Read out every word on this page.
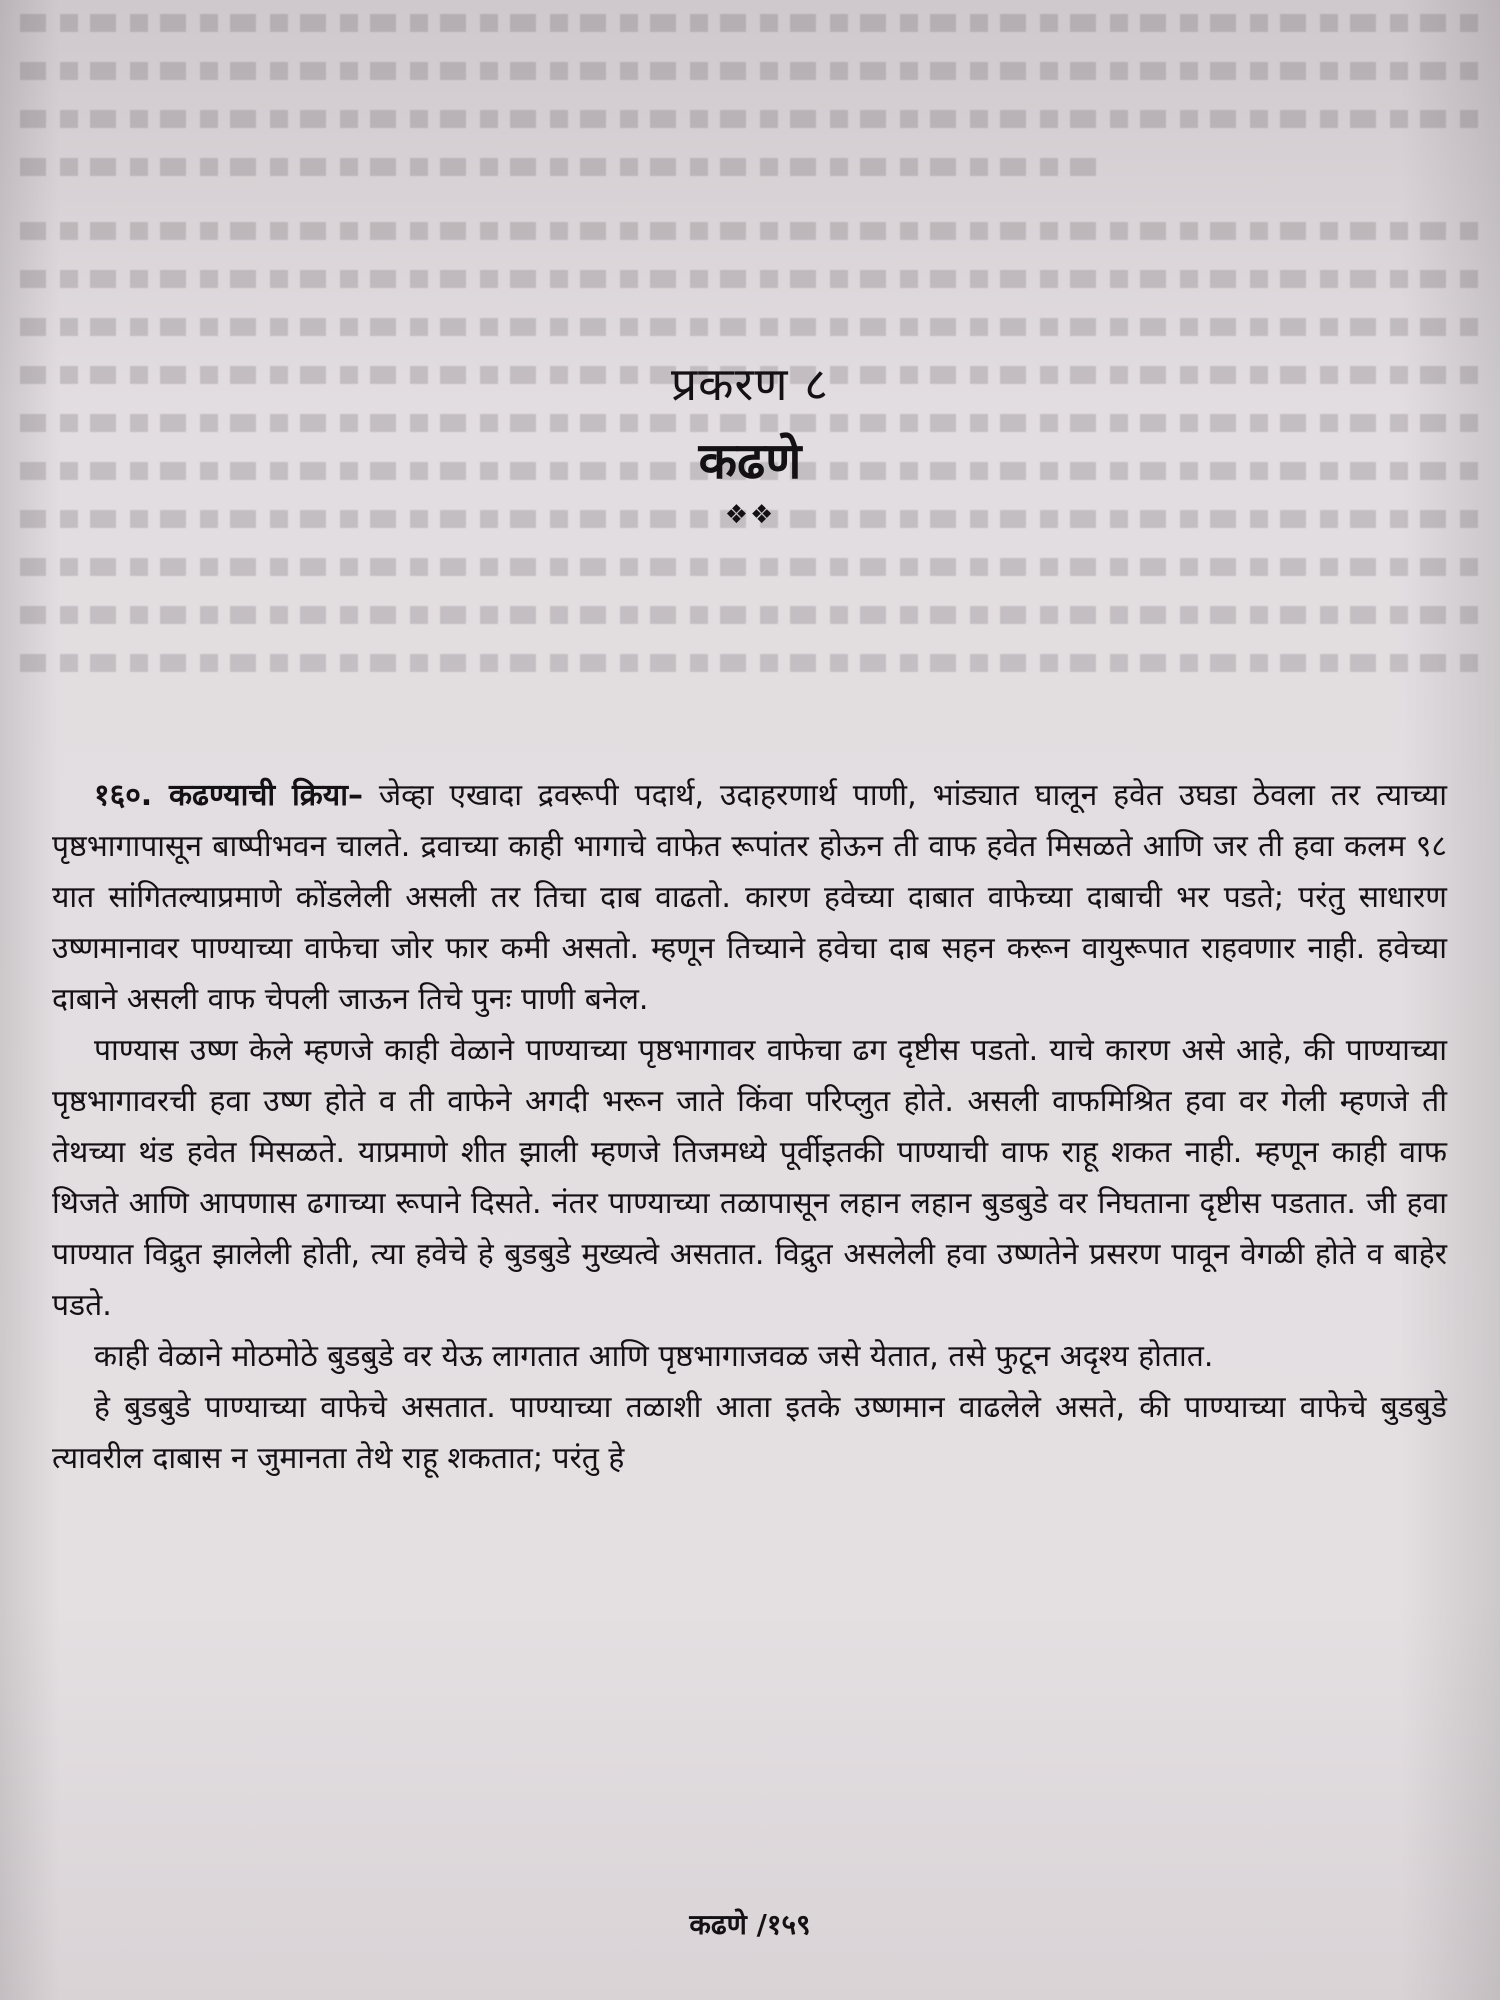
प्रकरण ८
कढणे
❖❖

१६०. कढण्याची क्रिया– जेव्हा एखादा द्रवरूपी पदार्थ, उदाहरणार्थ पाणी, भांड्यात घालून हवेत उघडा ठेवला तर त्याच्या पृष्ठभागापासून बाष्पीभवन चालते. द्रवाच्या काही भागाचे वाफेत रूपांतर होऊन ती वाफ हवेत मिसळते आणि जर ती हवा कलम ९८ यात सांगितल्याप्रमाणे कोंडलेली असली तर तिचा दाब वाढतो. कारण हवेच्या दाबात वाफेच्या दाबाची भर पडते; परंतु साधारण उष्णमानावर पाण्याच्या वाफेचा जोर फार कमी असतो. म्हणून तिच्याने हवेचा दाब सहन करून वायुरूपात राहवणार नाही. हवेच्या दाबाने असली वाफ चेपली जाऊन तिचे पुनः पाणी बनेल.

पाण्यास उष्ण केले म्हणजे काही वेळाने पाण्याच्या पृष्ठभागावर वाफेचा ढग दृष्टीस पडतो. याचे कारण असे आहे, की पाण्याच्या पृष्ठभागावरची हवा उष्ण होते व ती वाफेने अगदी भरून जाते किंवा परिप्लुत होते. असली वाफमिश्रित हवा वर गेली म्हणजे ती तेथच्या थंड हवेत मिसळते. याप्रमाणे शीत झाली म्हणजे तिजमध्ये पूर्वीइतकी पाण्याची वाफ राहू शकत नाही. म्हणून काही वाफ थिजते आणि आपणास ढगाच्या रूपाने दिसते. नंतर पाण्याच्या तळापासून लहान लहान बुडबुडे वर निघताना दृष्टीस पडतात. जी हवा पाण्यात विद्रुत झालेली होती, त्या हवेचे हे बुडबुडे मुख्यत्वे असतात. विद्रुत असलेली हवा उष्णतेने प्रसरण पावून वेगळी होते व बाहेर पडते.

काही वेळाने मोठमोठे बुडबुडे वर येऊ लागतात आणि पृष्ठभागाजवळ जसे येतात, तसे फुटून अदृश्य होतात.

हे बुडबुडे पाण्याच्या वाफेचे असतात. पाण्याच्या तळाशी आता इतके उष्णमान वाढलेले असते, की पाण्याच्या वाफेचे बुडबुडे त्यावरील दाबास न जुमानता तेथे राहू शकतात; परंतु हे

कढणे /१५९
